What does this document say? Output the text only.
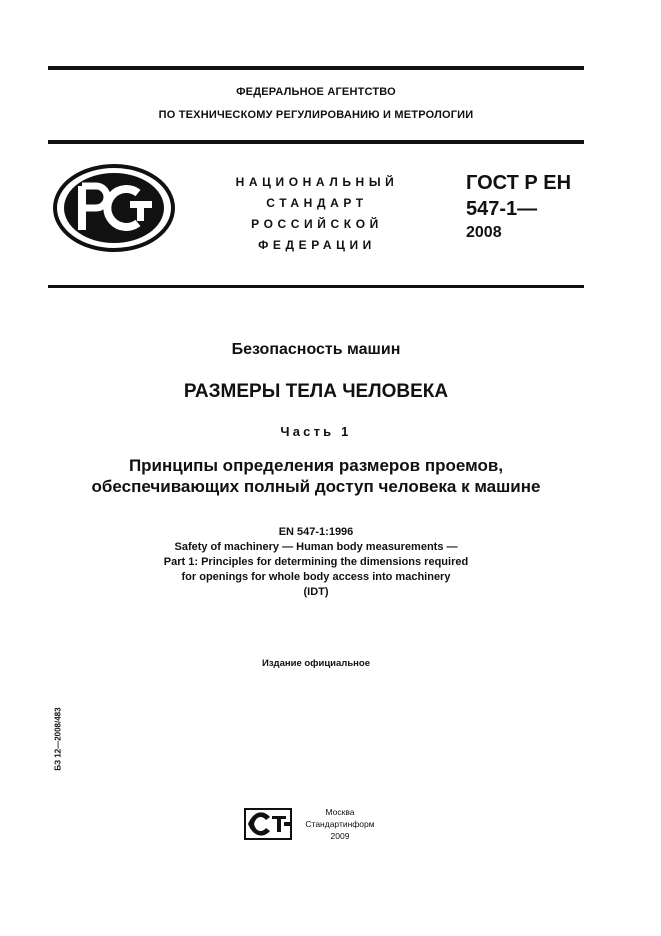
ФЕДЕРАЛЬНОЕ АГЕНТСТВО
ПО ТЕХНИЧЕСКОМУ РЕГУЛИРОВАНИЮ И МЕТРОЛОГИИ
НАЦИОНАЛЬНЫЙ
СТАНДАРТ
РОССИЙСКОЙ
ФЕДЕРАЦИИ
ГОСТ Р ЕН
547-1—
2008
Безопасность машин
РАЗМЕРЫ ТЕЛА ЧЕЛОВЕКА
Часть 1
Принципы определения размеров проемов,
обеспечивающих полный доступ человека к машине
EN 547-1:1996
Safety of machinery — Human body measurements —
Part 1: Principles for determining the dimensions required
for openings for whole body access into machinery
(IDT)
Издание официальное
БЗ 12—2008/483
Москва
Стандартинформ
2009
